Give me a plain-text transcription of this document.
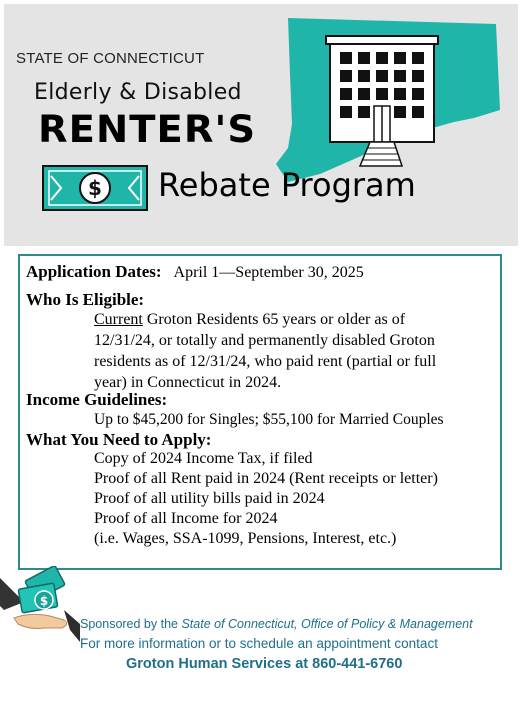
STATE OF CONNECTICUT
Elderly & Disabled
RENTER'S
$ Rebate Program
Application Dates: April 1—September 30, 2025
Who Is Eligible:
Current Groton Residents 65 years or older as of
12/31/24, or totally and permanently disabled Groton
residents as of 12/31/24, who paid rent (partial or full
year) in Connecticut in 2024.
Income Guidelines:
Up to $45,200 for Singles; $55,100 for Married Couples
What You Need to Apply:
Copy of 2024 Income Tax, if filed
Proof of all Rent paid in 2024 (Rent receipts or letter)
Proof of all utility bills paid in 2024
Proof of all Income for 2024
(i.e. Wages, SSA-1099, Pensions, Interest, etc.)
$
Sponsored by the State of Connecticut, Office of Policy & Management
For more information or to schedule an appointment contact
Groton Human Services at 860-441-6760
